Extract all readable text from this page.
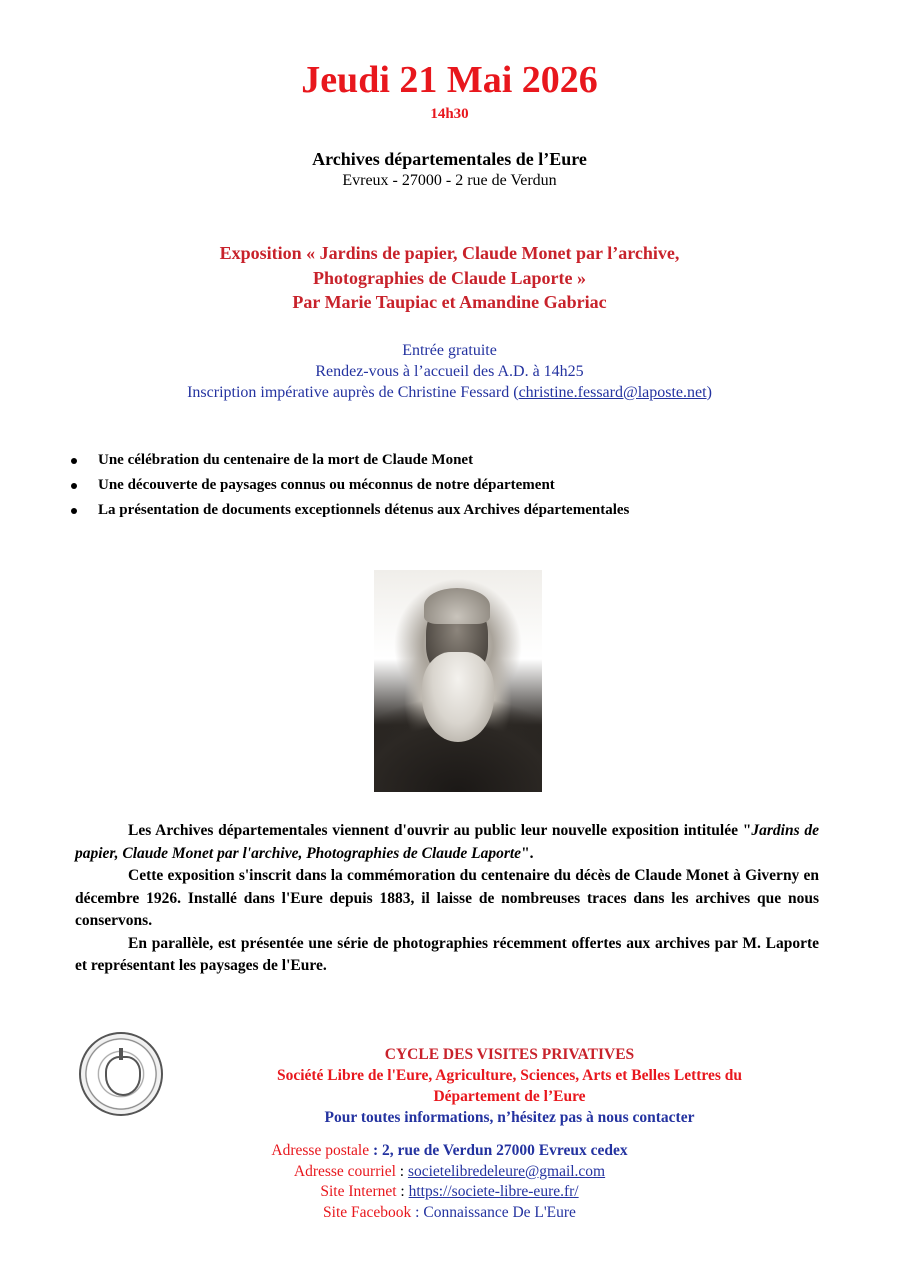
Jeudi 21 Mai 2026
14h30
Archives départementales de l’Eure
Evreux - 27000 - 2 rue de Verdun
Exposition « Jardins de papier, Claude Monet par l’archive,
Photographies de Claude Laporte »
Par Marie Taupiac et Amandine Gabriac
Entrée gratuite
Rendez-vous à l’accueil des A.D. à 14h25
Inscription impérative auprès de Christine Fessard (christine.fessard@laposte.net)
Une célébration du centenaire de la mort de Claude Monet
Une découverte de paysages connus ou méconnus de notre département
La présentation de documents exceptionnels détenus aux Archives départementales

Les Archives départementales viennent d'ouvrir au public leur nouvelle exposition intitulée "Jardins de papier, Claude Monet par l'archive, Photographies de Claude Laporte".

Cette exposition s'inscrit dans la commémoration du centenaire du décès de Claude Monet à Giverny en décembre 1926. Installé dans l'Eure depuis 1883, il laisse de nombreuses traces dans les archives que nous conservons.

En parallèle, est présentée une série de photographies récemment offertes aux archives par M. Laporte et représentant les paysages de l'Eure.

CYCLE DES VISITES PRIVATIVES
Société Libre de l'Eure, Agriculture, Sciences, Arts et Belles Lettres du
Département de l’Eure
Pour toutes informations, n’hésitez pas à nous contacter
Adresse postale : 2, rue de Verdun 27000 Evreux cedex
Adresse courriel : societelibredeleure@gmail.com
Site Internet : https://societe-libre-eure.fr/
Site Facebook : Connaissance De L'Eure
